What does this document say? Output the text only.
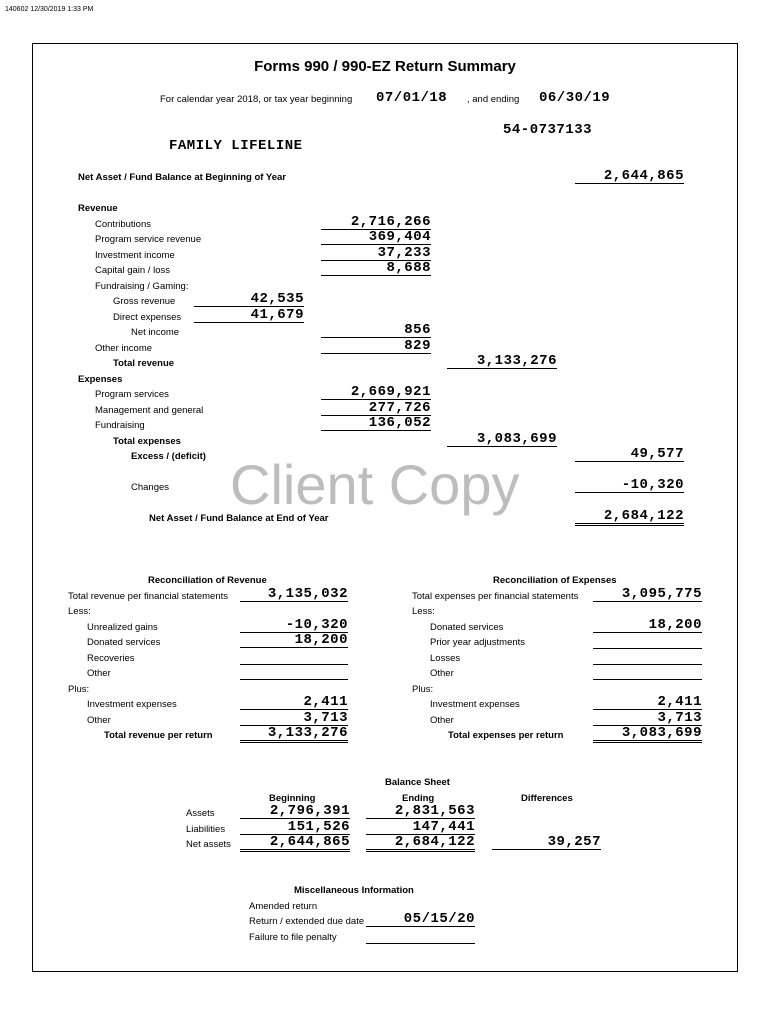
140602 12/30/2019 1:33 PM
Forms 990 / 990-EZ Return Summary
For calendar year 2018, or tax year beginning 07/01/18 , and ending 06/30/19
54-0737133
FAMILY LIFELINE
Net Asset / Fund Balance at Beginning of Year	2,644,865
Revenue
Contributions	2,716,266
Program service revenue	369,404
Investment income	37,233
Capital gain / loss	8,688
Fundraising / Gaming:
Gross revenue	42,535
Direct expenses	41,679
Net income	856
Other income	829
Total revenue	3,133,276
Expenses
Program services	2,669,921
Management and general	277,726
Fundraising	136,052
Total expenses	3,083,699
Excess / (deficit)	49,577
Client Copy
Changes	-10,320
Net Asset / Fund Balance at End of Year	2,684,122
Reconciliation of Revenue
Total revenue per financial statements	3,135,032
Less:
Unrealized gains	-10,320
Donated services	18,200
Recoveries
Other
Plus:
Investment expenses	2,411
Other	3,713
Total revenue per return	3,133,276
Reconciliation of Expenses
Total expenses per financial statements	3,095,775
Less:
Donated services	18,200
Prior year adjustments
Losses
Other
Plus:
Investment expenses	2,411
Other	3,713
Total expenses per return	3,083,699
Balance Sheet
Beginning	Ending	Differences
Assets	2,796,391	2,831,563
Liabilities	151,526	147,441
Net assets	2,644,865	2,684,122	39,257
Miscellaneous Information
Amended return
Return / extended due date	05/15/20
Failure to file penalty
